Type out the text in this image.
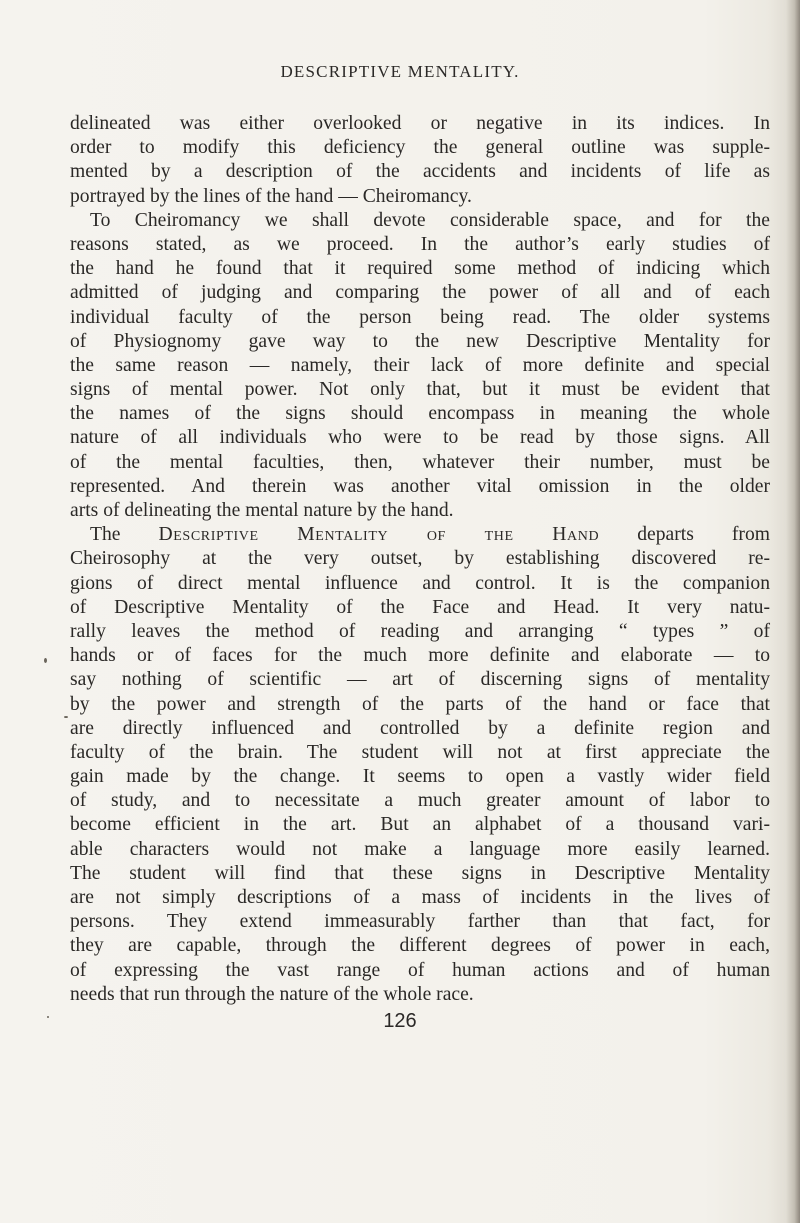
DESCRIPTIVE MENTALITY.
delineated was either overlooked or negative in its indices. In
order to modify this deficiency the general outline was supple-
mented by a description of the accidents and incidents of life as
portrayed by the lines of the hand — Cheiromancy.
To Cheiromancy we shall devote considerable space, and for the
reasons stated, as we proceed. In the author’s early studies of
the hand he found that it required some method of indicing which
admitted of judging and comparing the power of all and of each
individual faculty of the person being read. The older systems
of Physiognomy gave way to the new Descriptive Mentality for
the same reason — namely, their lack of more definite and special
signs of mental power. Not only that, but it must be evident that
the names of the signs should encompass in meaning the whole
nature of all individuals who were to be read by those signs. All
of the mental faculties, then, whatever their number, must be
represented. And therein was another vital omission in the older
arts of delineating the mental nature by the hand.
The Descriptive Mentality of the Hand departs from
Cheirosophy at the very outset, by establishing discovered re-
gions of direct mental influence and control. It is the companion
of Descriptive Mentality of the Face and Head. It very natu-
rally leaves the method of reading and arranging “ types ” of
hands or of faces for the much more definite and elaborate — to
say nothing of scientific — art of discerning signs of mentality
by the power and strength of the parts of the hand or face that
are directly influenced and controlled by a definite region and
faculty of the brain. The student will not at first appreciate the
gain made by the change. It seems to open a vastly wider field
of study, and to necessitate a much greater amount of labor to
become efficient in the art. But an alphabet of a thousand vari-
able characters would not make a language more easily learned.
The student will find that these signs in Descriptive Mentality
are not simply descriptions of a mass of incidents in the lives of
persons. They extend immeasurably farther than that fact, for
they are capable, through the different degrees of power in each,
of expressing the vast range of human actions and of human
needs that run through the nature of the whole race.
126
